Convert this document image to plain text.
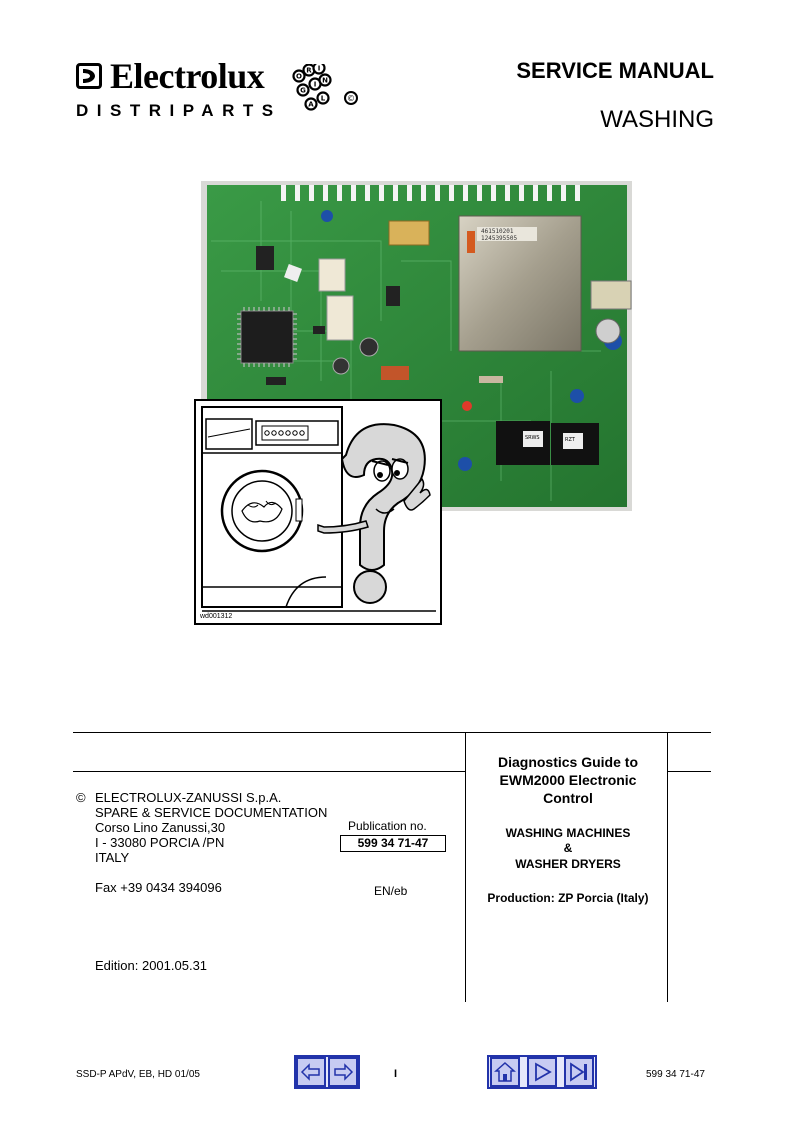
Electrolux
DISTRIPARTS
O
R I
G
I N
A
L	©
SERVICE MANUAL
WASHING
461510201
1245395505
SRWS	RZT
wd001312
© ELECTROLUX-ZANUSSI S.p.A.
SPARE & SERVICE DOCUMENTATION
Corso Lino Zanussi,30
I - 33080 PORCIA /PN
ITALY
Fax +39 0434 394096
Edition: 2001.05.31
Publication no.
599 34 71-47
EN/eb
Diagnostics Guide to
EWM2000 Electronic
Control
WASHING MACHINES
&
WASHER DRYERS
Production: ZP Porcia (Italy)
SSD-P APdV, EB, HD 01/05	I	599 34 71-47
